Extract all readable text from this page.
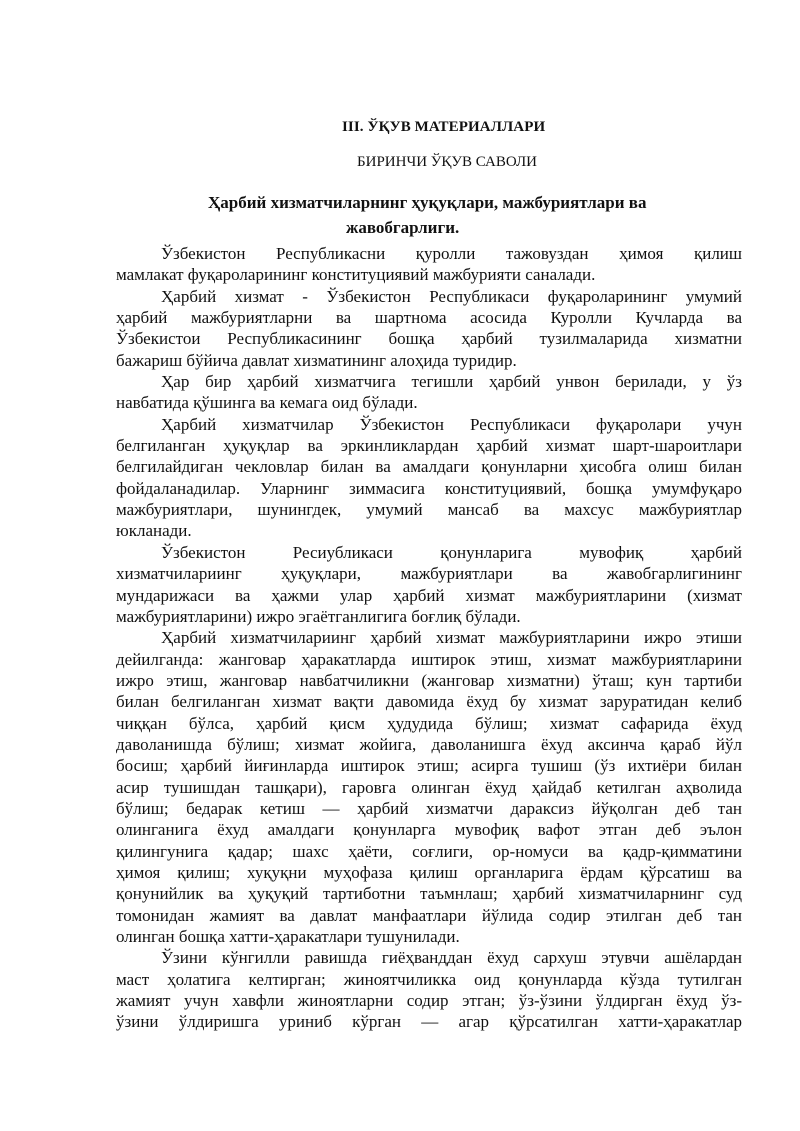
III. ЎҚУВ МАТЕРИАЛЛАРИ
БИРИНЧИ ЎҚУВ САВОЛИ
Ҳарбий хизматчиларнинг ҳуқуқлари, мажбуриятлари ва
жавобгарлиги.
Ўзбекистон Республикасни қуролли тажовуздан ҳимоя қилиш
мамлакат фуқароларининг конституциявий мажбурияти саналади.
Ҳарбий хизмат - Ўзбекистон Республикаси фуқароларининг умумий
ҳарбий мажбуриятларни ва шартнома асосида Куролли Кучларда ва
Ўзбекистои Республикасининг бошқа ҳарбий тузилмаларида хизматни
бажариш бўйича давлат хизматининг алоҳида туридир.
Ҳар бир ҳарбий хизматчига тегишли ҳарбий унвон берилади, у ўз
навбатида қўшинга ва кемага оид бўлади.
Ҳарбий хизматчилар Ўзбекистон Республикаси фуқаролари учун
белгиланган ҳуқуқлар ва эркинликлардан ҳарбий хизмат шарт-шароитлари
белгилайдиган чекловлар билан ва амалдаги қонунларни ҳисобга олиш билан
фойдаланадилар. Уларнинг зиммасига конституциявий, бошқа умумфуқаро
мажбуриятлари, шунингдек, умумий мансаб ва махсус мажбуриятлар
юкланади.
Ўзбекистон Ресиубликаси қонунларига мувофиқ ҳарбий
хизматчилариинг ҳуқуқлари, мажбуриятлари ва жавобгарлигининг
мундарижаси ва ҳажми улар ҳарбий хизмат мажбуриятларини (хизмат
мажбуриятларини) ижро эгаётганлигига боғлиқ бўлади.
Ҳарбий хизматчилариинг ҳарбий хизмат мажбуриятларини ижро этиши
дейилганда: жанговар ҳаракатларда иштирок этиш, хизмат мажбуриятларини
ижро этиш, жанговар навбатчиликни (жанговар хизматни) ўташ; кун тартиби
билан белгиланган хизмат вақти давомида ёхуд бу хизмат заруратидан келиб
чиққан бўлса, ҳарбий қисм ҳудудида бўлиш; хизмат сафарида ёхуд
даволанишда бўлиш; хизмат жойига, даволанишга ёхуд аксинча қараб йўл
босиш; ҳарбий йиғинларда иштирок этиш; асирга тушиш (ўз ихтиёри билан
асир тушишдан ташқари), гаровга олинган ёхуд ҳайдаб кетилган аҳволида
бўлиш; бедарак кетиш — ҳарбий хизматчи дараксиз йўқолган деб тан
олинганига ёхуд амалдаги қонунларга мувофиқ вафот этган деб эълон
қилингунига қадар; шахс ҳаёти, соғлиги, ор-номуси ва қадр-қимматини
ҳимоя қилиш; хуқуқни муҳофаза қилиш органларига ёрдам қўрсатиш ва
қонунийлик ва ҳуқуқий тартиботни таъмнлаш; ҳарбий хизматчиларнинг суд
томонидан жамият ва давлат манфаатлари йўлида содир этилган деб тан
олинган бошқа хатти-ҳаракатлари тушунилади.
Ўзини кўнгилли равишда гиёҳванддан ёхуд сархуш этувчи ашёлардан
маст ҳолатига келтирган; жиноятчиликка оид қонунларда кўзда тутилган
жамият учун хавфли жиноятларни содир этган; ўз-ўзини ўлдирган ёхуд ўз-
ўзини ўлдиришга уриниб кўрган — агар қўрсатилган хатти-ҳаракатлар
